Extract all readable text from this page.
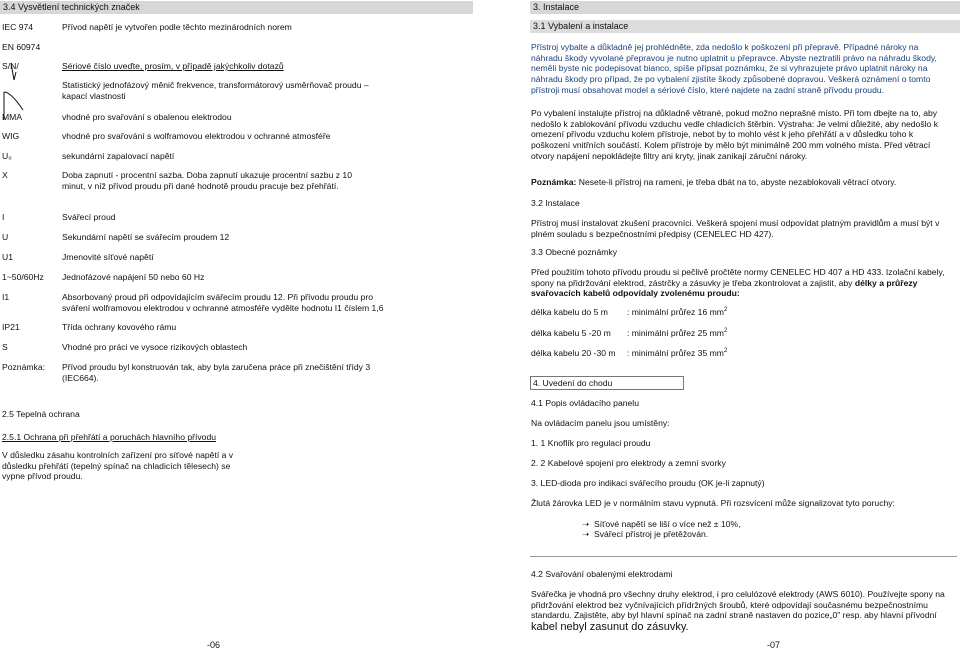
3.4 Vysvětlení technických značek
IEC 974	Přívod napětí je vytvořen podle těchto mezinárodních norem
EN 60974
S/N/	Sériové číslo uveďte, prosím, v případě jakýchkoliv dotazů
Statistický jednofázový měnič frekvence, transformátorový usměrňovač proudu – kapací vlastnosti
MMA	vhodné pro svařování s obalenou elektrodou
WIG	vhodné pro svařování s wolframovou elektrodou v ochranné atmosféře
U₀	sekundární zapalovací napětí
X	Doba zapnutí - procentní sazba. Doba zapnutí ukazuje procentní sazbu z 10 minut, v níž přívod proudu při dané hodnotě proudu pracuje bez přehřátí.
I	Svářecí proud
U	Sekundární napětí se svářecím proudem 12
U1	Jmenovité síťové napětí
1~50/60Hz Jednofázové napájení 50 nebo 60 Hz
I1	Absorbovaný proud při odpovídajícím svářecím proudu 12. Při přívodu proudu pro sváření wolframovou elektrodou v ochranné atmosféře vydělte hodnotu I1 číslem 1,6
IP21	Třída ochrany kovového rámu
S	Vhodné pro práci ve vysoce rizikových oblastech
Poznámka: Přívod proudu byl konstruován tak, aby byla zaručena práce při znečištění třídy 3 (IEC664).
2.5 Tepelná ochrana
2.5.1 Ochrana při přehřátí a poruchách hlavního přívodu
V důsledku zásahu kontrolních zařízení pro síťové napětí a v důsledku přehřátí (tepelný spínač na chladicích tělesech) se vypne přívod proudu.
-06
3. Instalace
3.1 Vybalení a instalace
Přístroj vybalte a důkladně jej prohlédněte, zda nedošlo k poškození při přepravě. Případné nároky na náhradu škody vyvolané přepravou je nutno uplatnit u přepravce. Abyste neztratili právo na náhradu škody, neměli byste nic podepisovat bianco, spíše připsat poznámku, že si vyhrazujete právo uplatnit nároky na náhradu škody pro případ, že po vybalení zjistíte škody způsobené dopravou. Veškerá oznámení o tomto přístroji musí obsahovat model a sériové číslo, které najdete na zadní straně přívodu proudu.
Po vybalení instalujte přístroj na důkladně větrané, pokud možno neprašné místo. Při tom dbejte na to, aby nedošlo k zablokování přívodu vzduchu vedle chladicích štěrbin. Výstraha: Je velmi důležité, aby nedošlo k omezení přívodu vzduchu kolem přístroje, nebot by to mohlo vést k jeho přehřátí a v důsledku toho k poškození vnitřních součástí. Kolem přístroje by mělo být minimálně 200 mm volného místa. Před větrací otvory napájení nepokládejte filtry ani kryty, jinak zanikají záruční nároky.
Poznámka: Nesete-li přístroj na rameni, je třeba dbát na to, abyste nezablokovali větrací otvory.
3.2 Instalace
Přístroj musí instalovat zkušení pracovníci. Veškerá spojení musí odpovídat platným pravidlům a musí být v plném souladu s bezpečnostními předpisy (CENELEC HD 427).
3.3 Obecné poznámky
Před použitím tohoto přívodu proudu si pečlivě pročtěte normy CENELEC HD 407 a HD 433. Izolační kabely, spony na přidržování elektrod, zástrčky a zásuvky je třeba zkontrolovat a zajistit, aby délky a průřezy svařovacích kabelů odpovídaly zvolenému proudu:
délka kabelu do 5 m : minimální průřez 16 $mm^2$
délka kabelu 5 -20 m : minimální průřez 25 $mm^2$
délka kabelu 20 -30 m : minimální průřez 35 $mm^2$
4. Uvedení do chodu
4.1 Popis ovládacího panelu
Na ovládacím panelu jsou umístěny:
1. 1 Knoflík pro regulaci proudu
2. 2 Kabelové spojení pro elektrody a zemní svorky
3. LED-dioda pro indikaci svářecího proudu (OK je-li zapnutý)
Žlutá žárovka LED je v normálním stavu vypnutá. Při rozsvícení může signalizovat tyto poruchy:
➝ Síťové napětí se liší o více než ± 10%,
➝ Svářecí přístroj je přetěžován.
4.2 Svařování obalenými elektrodami
Svářečka je vhodná pro všechny druhy elektrod, i pro celulózové elektrody (AWS 6010). Používejte spony na přidržování elektrod bez vyčnívajících přídržných šroubů, které odpovídají současnému bezpečnostnímu standardu. Zajistěte, aby byl hlavní spínač na zadní straně nastaven do pozice„0" resp. aby hlavní přívodní kabel nebyl zasunut do zásuvky.
-07
